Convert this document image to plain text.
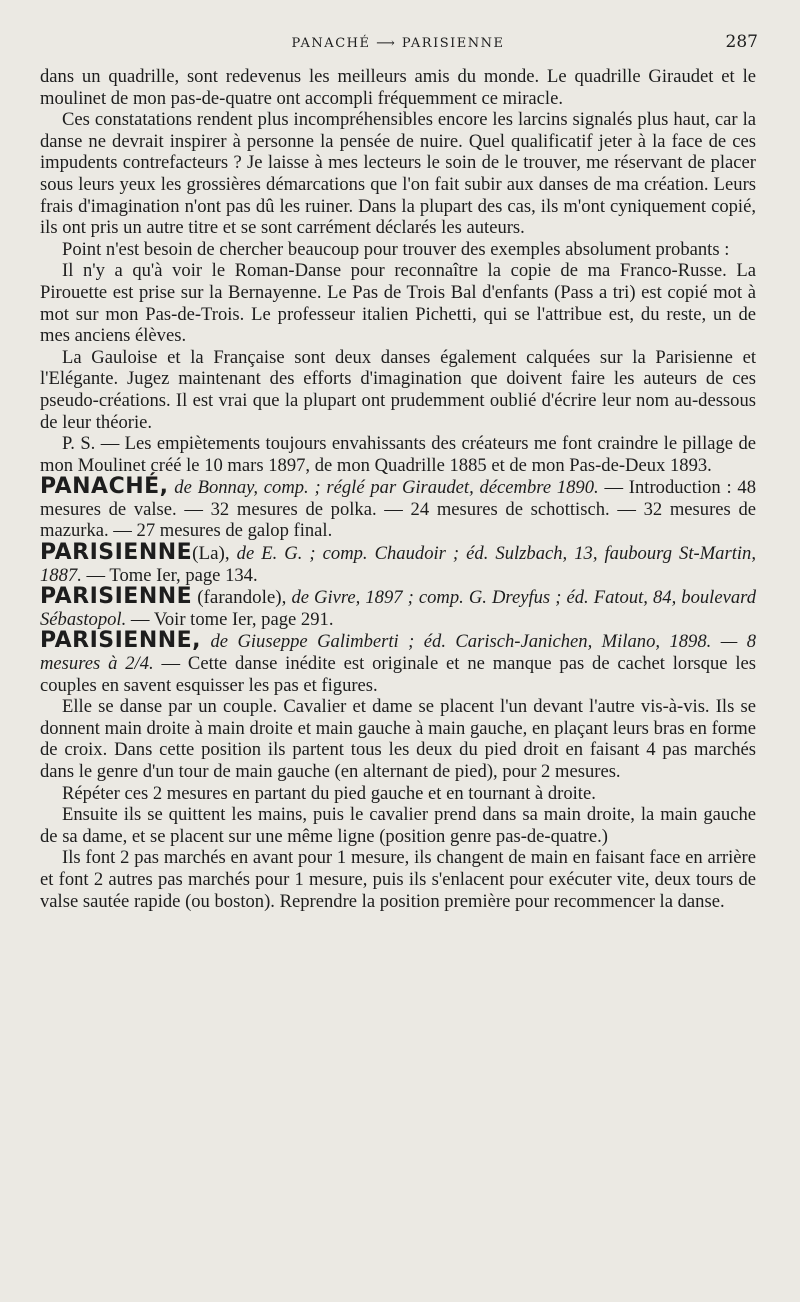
PANACHÉ ⟶ PARISIENNE	287

dans un quadrille, sont redevenus les meilleurs amis du monde. Le quadrille Giraudet et le moulinet de mon pas-de-quatre ont accompli fréquemment ce miracle.

Ces constatations rendent plus incompréhensibles encore les larcins signalés plus haut, car la danse ne devrait inspirer à personne la pensée de nuire. Quel qualificatif jeter à la face de ces impudents contrefacteurs ? Je laisse à mes lecteurs le soin de le trouver, me réservant de placer sous leurs yeux les grossières démarcations que l'on fait subir aux danses de ma création. Leurs frais d'imagination n'ont pas dû les ruiner. Dans la plupart des cas, ils m'ont cyniquement copié, ils ont pris un autre titre et se sont carrément déclarés les auteurs.

Point n'est besoin de chercher beaucoup pour trouver des exemples absolument probants :

Il n'y a qu'à voir le Roman-Danse pour reconnaître la copie de ma Franco-Russe. La Pirouette est prise sur la Bernayenne. Le Pas de Trois Bal d'enfants (Pass a tri) est copié mot à mot sur mon Pas-de-Trois. Le professeur italien Pichetti, qui se l'attribue est, du reste, un de mes anciens élèves.

La Gauloise et la Française sont deux danses également calquées sur la Parisienne et l'Elégante. Jugez maintenant des efforts d'imagination que doivent faire les auteurs de ces pseudo-créations. Il est vrai que la plupart ont prudemment oublié d'écrire leur nom au-dessous de leur théorie.

P. S. — Les empiètements toujours envahissants des créateurs me font craindre le pillage de mon Moulinet créé le 10 mars 1897, de mon Quadrille 1885 et de mon Pas-de-Deux 1893.

PANACHÉ, de Bonnay, comp. ; réglé par Giraudet, décembre 1890. — Introduction : 48 mesures de valse. — 32 mesures de polka. — 24 mesures de schottisch. — 32 mesures de mazurka. — 27 mesures de galop final.

PARISIENNE(La), de E. G. ; comp. Chaudoir ; éd. Sulzbach, 13, faubourg St-Martin, 1887. — Tome Ier, page 134.

PARISIENNE (farandole), de Givre, 1897 ; comp. G. Dreyfus ; éd. Fatout, 84, boulevard Sébastopol. — Voir tome Ier, page 291.

PARISIENNE, de Giuseppe Galimberti ; éd. Carisch-Janichen, Milano, 1898. — 8 mesures à 2/4. — Cette danse inédite est originale et ne manque pas de cachet lorsque les couples en savent esquisser les pas et figures.

Elle se danse par un couple. Cavalier et dame se placent l'un devant l'autre vis-à-vis. Ils se donnent main droite à main droite et main gauche à main gauche, en plaçant leurs bras en forme de croix. Dans cette position ils partent tous les deux du pied droit en faisant 4 pas marchés dans le genre d'un tour de main gauche (en alternant de pied), pour 2 mesures.

Répéter ces 2 mesures en partant du pied gauche et en tournant à droite.

Ensuite ils se quittent les mains, puis le cavalier prend dans sa main droite, la main gauche de sa dame, et se placent sur une même ligne (position genre pas-de-quatre.)

Ils font 2 pas marchés en avant pour 1 mesure, ils changent de main en faisant face en arrière et font 2 autres pas marchés pour 1 mesure, puis ils s'enlacent pour exécuter vite, deux tours de valse sautée rapide (ou boston). Reprendre la position première pour recommencer la danse.
